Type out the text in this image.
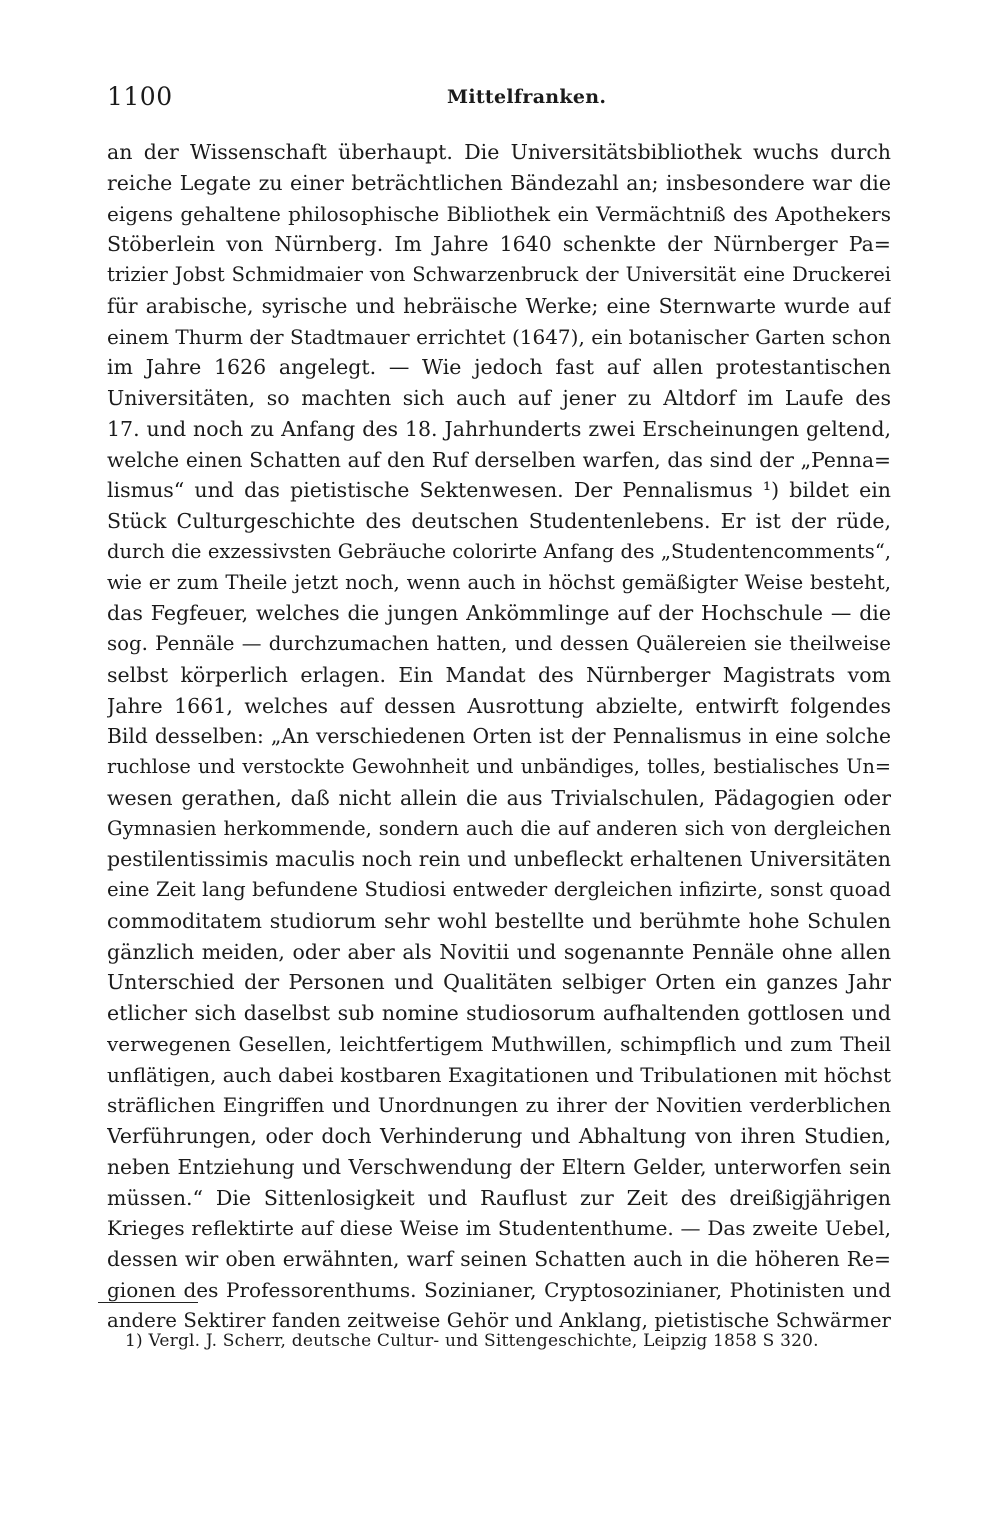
1100	Mittelfranken.
an der Wissenschaft überhaupt. Die Universitätsbibliothek wuchs durch
reiche Legate zu einer beträchtlichen Bändezahl an; insbesondere war die
eigens gehaltene philosophische Bibliothek ein Vermächtniß des Apothekers
Stöberlein von Nürnberg. Im Jahre 1640 schenkte der Nürnberger Pa=
trizier Jobst Schmidmaier von Schwarzenbruck der Universität eine Druckerei
für arabische, syrische und hebräische Werke; eine Sternwarte wurde auf
einem Thurm der Stadtmauer errichtet (1647), ein botanischer Garten schon
im Jahre 1626 angelegt. — Wie jedoch fast auf allen protestantischen
Universitäten, so machten sich auch auf jener zu Altdorf im Laufe des
17. und noch zu Anfang des 18. Jahrhunderts zwei Erscheinungen geltend,
welche einen Schatten auf den Ruf derselben warfen, das sind der „Penna=
lismus“ und das pietistische Sektenwesen. Der Pennalismus ¹) bildet ein
Stück Culturgeschichte des deutschen Studentenlebens. Er ist der rüde,
durch die exzessivsten Gebräuche colorirte Anfang des „Studentencomments“,
wie er zum Theile jetzt noch, wenn auch in höchst gemäßigter Weise besteht,
das Fegfeuer, welches die jungen Ankömmlinge auf der Hochschule — die
sog. Pennäle — durchzumachen hatten, und dessen Quälereien sie theilweise
selbst körperlich erlagen. Ein Mandat des Nürnberger Magistrats vom
Jahre 1661, welches auf dessen Ausrottung abzielte, entwirft folgendes
Bild desselben: „An verschiedenen Orten ist der Pennalismus in eine solche
ruchlose und verstockte Gewohnheit und unbändiges, tolles, bestialisches Un=
wesen gerathen, daß nicht allein die aus Trivialschulen, Pädagogien oder
Gymnasien herkommende, sondern auch die auf anderen sich von dergleichen
pestilentissimis maculis noch rein und unbefleckt erhaltenen Universitäten
eine Zeit lang befundene Studiosi entweder dergleichen infizirte, sonst quoad
commoditatem studiorum sehr wohl bestellte und berühmte hohe Schulen
gänzlich meiden, oder aber als Novitii und sogenannte Pennäle ohne allen
Unterschied der Personen und Qualitäten selbiger Orten ein ganzes Jahr
etlicher sich daselbst sub nomine studiosorum aufhaltenden gottlosen und
verwegenen Gesellen, leichtfertigem Muthwillen, schimpflich und zum Theil
unflätigen, auch dabei kostbaren Exagitationen und Tribulationen mit höchst
sträflichen Eingriffen und Unordnungen zu ihrer der Novitien verderblichen
Verführungen, oder doch Verhinderung und Abhaltung von ihren Studien,
neben Entziehung und Verschwendung der Eltern Gelder, unterworfen sein
müssen.“ Die Sittenlosigkeit und Rauflust zur Zeit des dreißigjährigen
Krieges reflektirte auf diese Weise im Studententhume. — Das zweite Uebel,
dessen wir oben erwähnten, warf seinen Schatten auch in die höheren Re=
gionen des Professorenthums. Sozinianer, Cryptosozinianer, Photinisten und
andere Sektirer fanden zeitweise Gehör und Anklang, pietistische Schwärmer
1) Vergl. J. Scherr, deutsche Cultur- und Sittengeschichte, Leipzig 1858 S 320.
